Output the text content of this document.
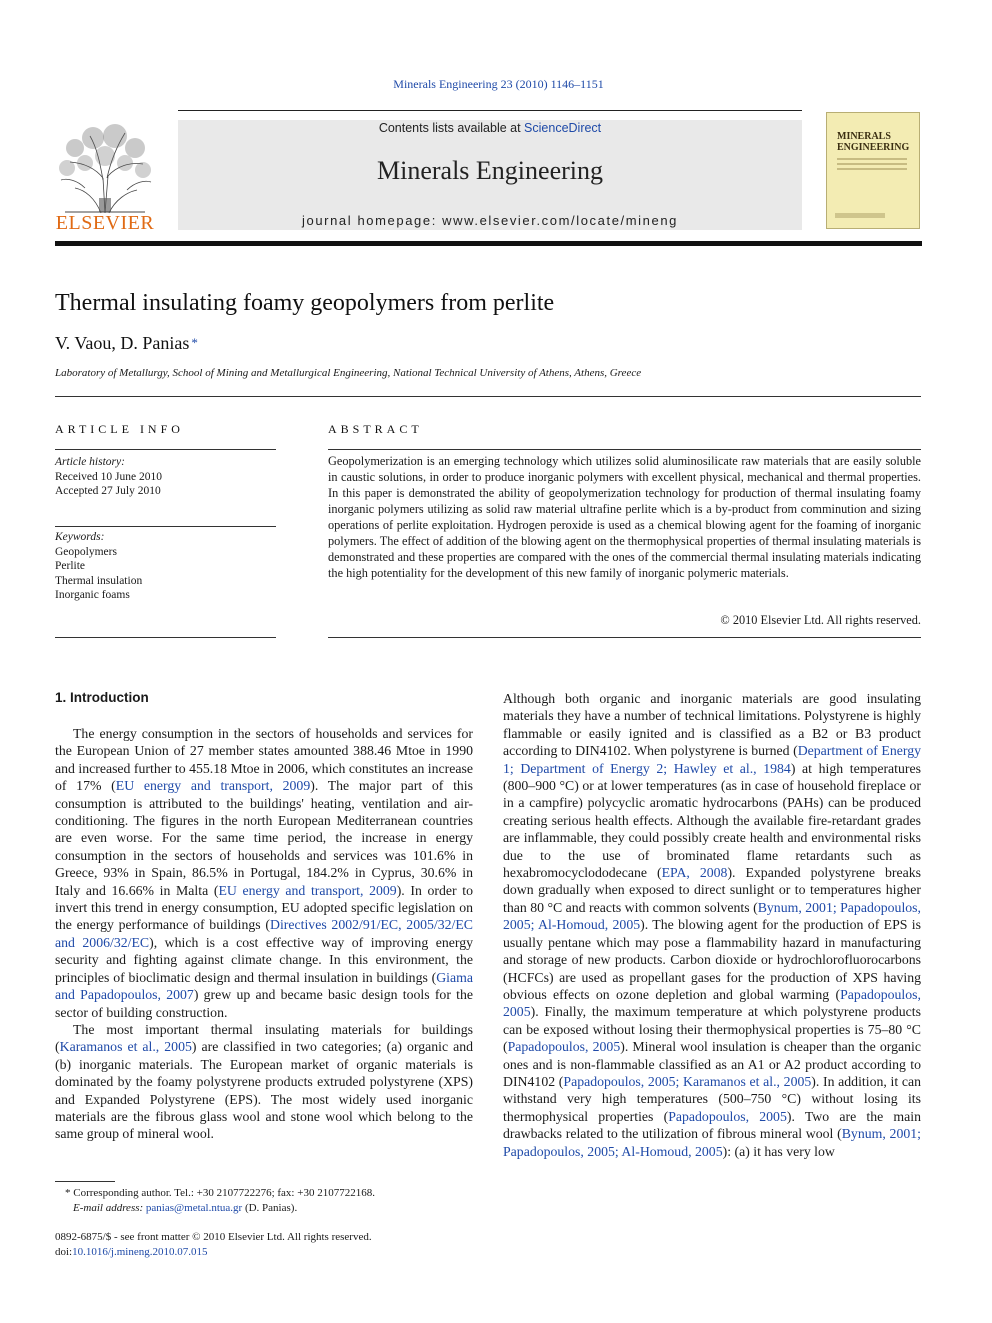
Minerals Engineering 23 (2010) 1146–1151
ELSEVIER
Contents lists available at ScienceDirect
Minerals Engineering
journal homepage: www.elsevier.com/locate/mineng
MINERALS ENGINEERING
Thermal insulating foamy geopolymers from perlite
V. Vaou, D. Panias *
Laboratory of Metallurgy, School of Mining and Metallurgical Engineering, National Technical University of Athens, Athens, Greece
ARTICLE INFO	ABSTRACT
Article history:
Received 10 June 2010
Accepted 27 July 2010
Keywords:
Geopolymers
Perlite
Thermal insulation
Inorganic foams
Geopolymerization is an emerging technology which utilizes solid aluminosilicate raw materials that are easily soluble in caustic solutions, in order to produce inorganic polymers with excellent physical, mechanical and thermal properties. In this paper is demonstrated the ability of geopolymerization technology for production of thermal insulating foamy inorganic polymers utilizing as solid raw material ultrafine perlite which is a by-product from comminution and sizing operations of perlite exploitation. Hydrogen peroxide is used as a chemical blowing agent for the foaming of inorganic polymers. The effect of addition of the blowing agent on the thermophysical properties of thermal insulating materials is demonstrated and these properties are compared with the ones of the commercial thermal insulating materials indicating the high potentiality for the development of this new family of inorganic polymeric materials.
© 2010 Elsevier Ltd. All rights reserved.
1. Introduction

The energy consumption in the sectors of households and services for the European Union of 27 member states amounted 388.46 Mtoe in 1990 and increased further to 455.18 Mtoe in 2006, which constitutes an increase of 17% (EU energy and transport, 2009). The major part of this consumption is attributed to the buildings' heating, ventilation and air-conditioning. The figures in the north European Mediterranean countries are even worse. For the same time period, the increase in energy consumption in the sectors of households and services was 101.6% in Greece, 93% in Spain, 86.5% in Portugal, 184.2% in Cyprus, 30.6% in Italy and 16.66% in Malta (EU energy and transport, 2009). In order to invert this trend in energy consumption, EU adopted specific legislation on the energy performance of buildings (Directives 2002/91/EC, 2005/32/EC and 2006/32/EC), which is a cost effective way of improving energy security and fighting against climate change. In this environment, the principles of bioclimatic design and thermal insulation in buildings (Giama and Papadopoulos, 2007) grew up and became basic design tools for the sector of building construction.

The most important thermal insulating materials for buildings (Karamanos et al., 2005) are classified in two categories; (a) organic and (b) inorganic materials. The European market of organic materials is dominated by the foamy polystyrene products extruded polystyrene (XPS) and Expanded Polystyrene (EPS). The most widely used inorganic materials are the fibrous glass wool and stone wool which belong to the same group of mineral wool.

Although both organic and inorganic materials are good insulating materials they have a number of technical limitations. Polystyrene is highly flammable or easily ignited and is classified as a B2 or B3 product according to DIN4102. When polystyrene is burned (Department of Energy 1; Department of Energy 2; Hawley et al., 1984) at high temperatures (800–900 °C) or at lower temperatures (as in case of household fireplace or in a campfire) polycyclic aromatic hydrocarbons (PAHs) can be produced creating serious health effects. Although the available fire-retardant grades are inflammable, they could possibly create health and environmental risks due to the use of brominated flame retardants such as hexabromocyclododecane (EPA, 2008). Expanded polystyrene breaks down gradually when exposed to direct sunlight or to temperatures higher than 80 °C and reacts with common solvents (Bynum, 2001; Papadopoulos, 2005; Al-Homoud, 2005). The blowing agent for the production of EPS is usually pentane which may pose a flammability hazard in manufacturing and storage of new products. Carbon dioxide or hydrochlorofluorocarbons (HCFCs) are used as propellant gases for the production of XPS having obvious effects on ozone depletion and global warming (Papadopoulos, 2005). Finally, the maximum temperature at which polystyrene products can be exposed without losing their thermophysical properties is 75–80 °C (Papadopoulos, 2005). Mineral wool insulation is cheaper than the organic ones and is non-flammable classified as an A1 or A2 product according to DIN4102 (Papadopoulos, 2005; Karamanos et al., 2005). In addition, it can withstand very high temperatures (500–750 °C) without losing its thermophysical properties (Papadopoulos, 2005). Two are the main drawbacks related to the utilization of fibrous mineral wool (Bynum, 2001; Papadopoulos, 2005; Al-Homoud, 2005): (a) it has very low

* Corresponding author. Tel.: +30 2107722276; fax: +30 2107722168.
E-mail address: panias@metal.ntua.gr (D. Panias).
0892-6875/$ - see front matter © 2010 Elsevier Ltd. All rights reserved.
doi:10.1016/j.mineng.2010.07.015
